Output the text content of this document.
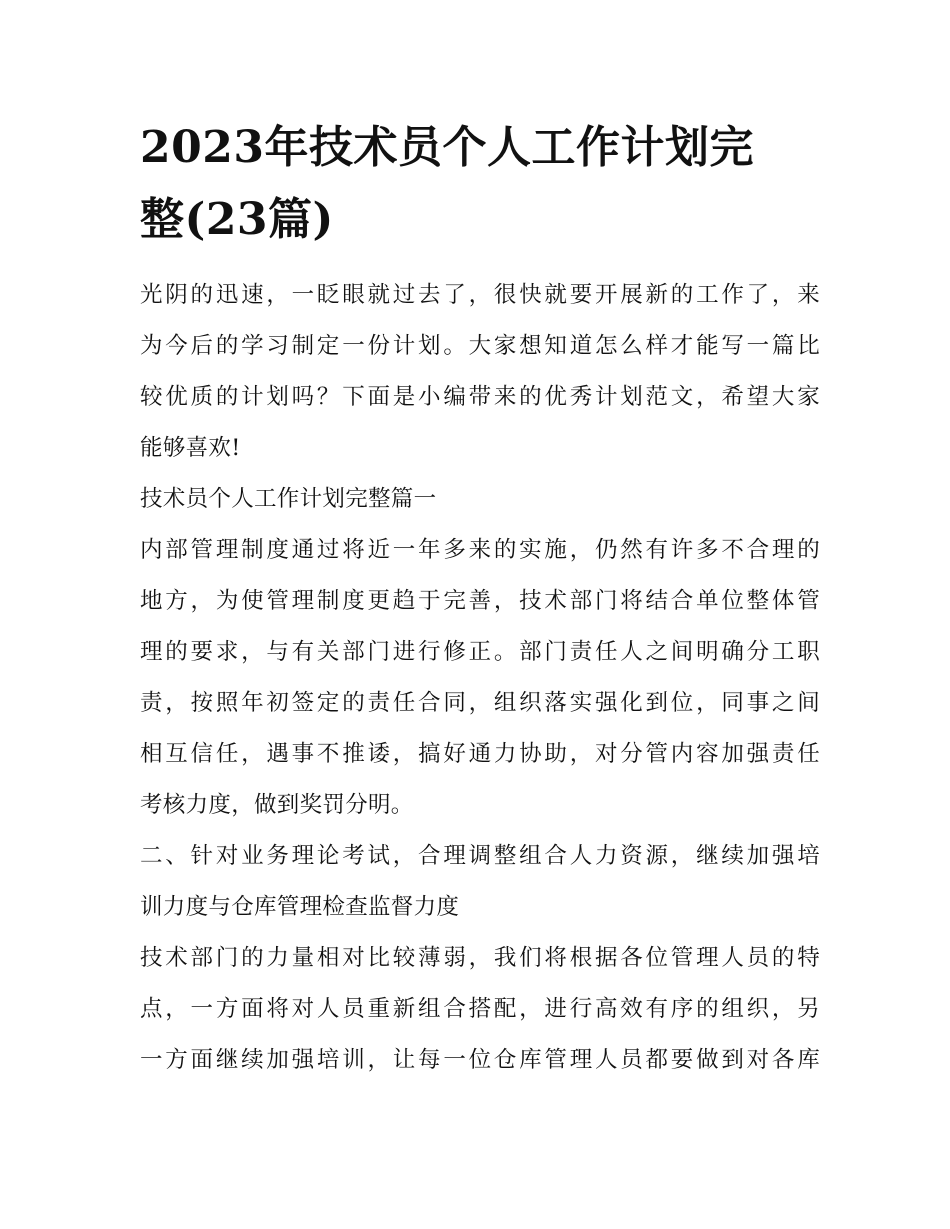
2023年技术员个人工作计划完
整(23篇)
光阴的迅速，一眨眼就过去了，很快就要开展新的工作了，来
为今后的学习制定一份计划。大家想知道怎么样才能写一篇比
较优质的计划吗？下面是小编带来的优秀计划范文，希望大家
能够喜欢!
技术员个人工作计划完整篇一
内部管理制度通过将近一年多来的实施，仍然有许多不合理的
地方，为使管理制度更趋于完善，技术部门将结合单位整体管
理的要求，与有关部门进行修正。部门责任人之间明确分工职
责，按照年初签定的责任合同，组织落实强化到位，同事之间
相互信任，遇事不推诿，搞好通力协助，对分管内容加强责任
考核力度，做到奖罚分明。
二、针对业务理论考试，合理调整组合人力资源，继续加强培
训力度与仓库管理检查监督力度
技术部门的力量相对比较薄弱，我们将根据各位管理人员的特
点，一方面将对人员重新组合搭配，进行高效有序的组织，另
一方面继续加强培训，让每一位仓库管理人员都要做到对各库
